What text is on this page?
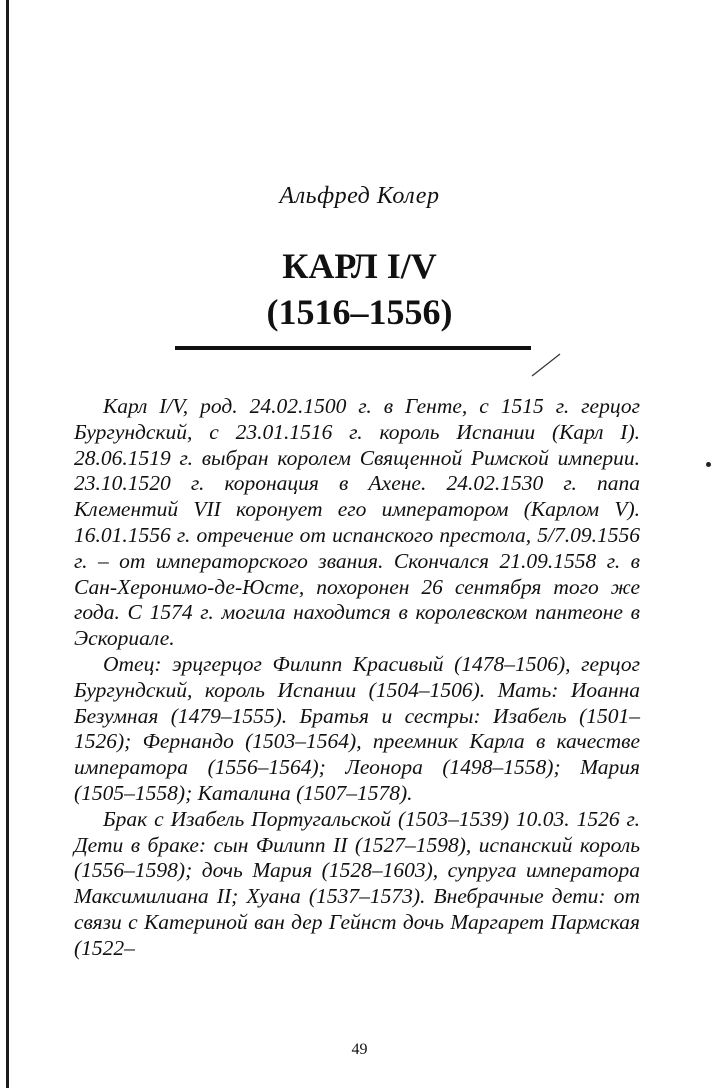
Альфред Колер
КАРЛ I/V
(1516–1556)

Карл I/V, род. 24.02.1500 г. в Генте, с 1515 г. герцог Бургундский, с 23.01.1516 г. король Испании (Карл I). 28.06.1519 г. выбран королем Священной Римской империи. 23.10.1520 г. коронация в Ахене. 24.02.1530 г. папа Клементий VII коронует его императором (Карлом V). 16.01.1556 г. отречение от испанского престола, 5/7.09.1556 г. – от императорского звания. Скончался 21.09.1558 г. в Сан-Херонимо-де-Юсте, похоронен 26 сентября того же года. С 1574 г. могила находится в королевском пантеоне в Эскориале.

Отец: эрцгерцог Филипп Красивый (1478–1506), герцог Бургундский, король Испании (1504–1506). Мать: Иоанна Безумная (1479–1555). Братья и сестры: Изабель (1501–1526); Фернандо (1503–1564), преемник Карла в качестве императора (1556–1564); Леонора (1498–1558); Мария (1505–1558); Каталина (1507–1578).

Брак с Изабель Португальской (1503–1539) 10.03. 1526 г. Дети в браке: сын Филипп II (1527–1598), испанский король (1556–1598); дочь Мария (1528–1603), супруга императора Максимилиана II; Хуана (1537–1573). Внебрачные дети: от связи с Катериной ван дер Гейнст дочь Маргарет Пармская (1522–

49
